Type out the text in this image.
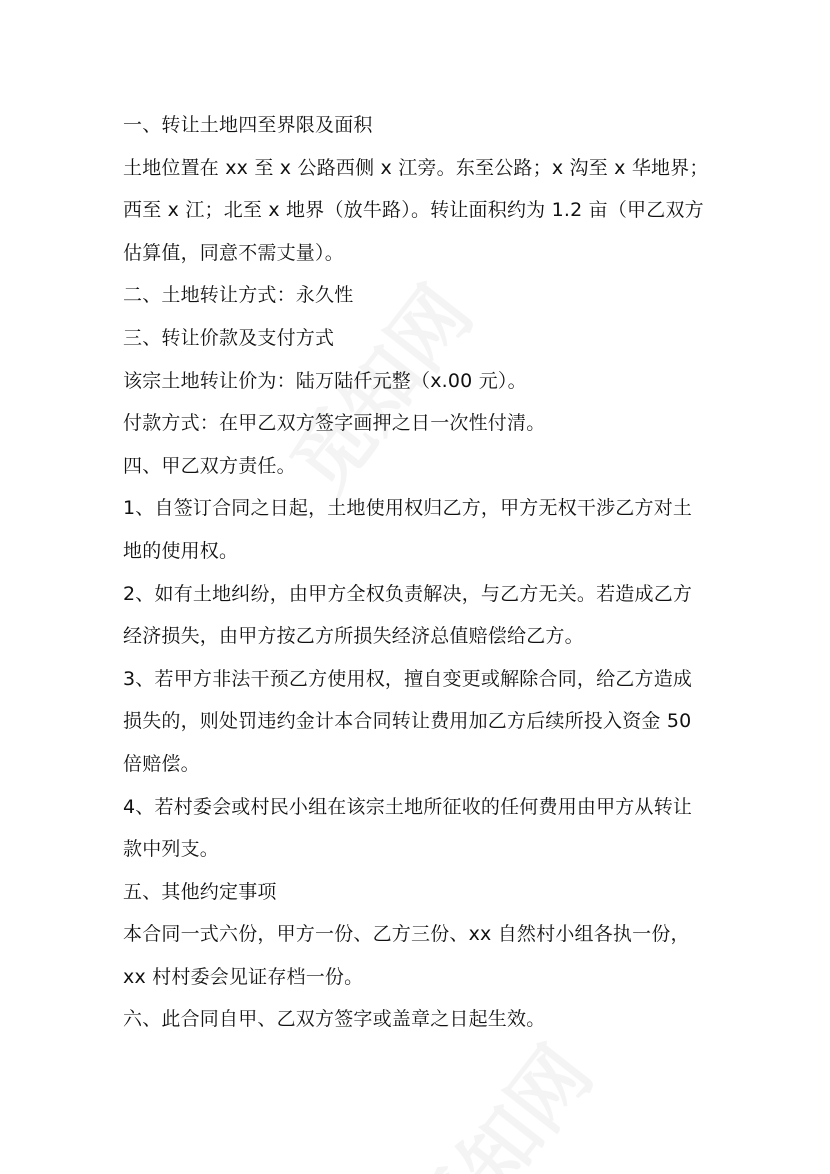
一、转让土地四至界限及面积
土地位置在 xx 至 x 公路西侧 x 江旁。东至公路；x 沟至 x 华地界；
西至 x 江；北至 x 地界（放牛路）。转让面积约为 1.2 亩（甲乙双方
估算值，同意不需丈量）。
二、土地转让方式：永久性
三、转让价款及支付方式
该宗土地转让价为：陆万陆仟元整（x.00 元）。
付款方式：在甲乙双方签字画押之日一次性付清。
四、甲乙双方责任。
1、自签订合同之日起，土地使用权归乙方，甲方无权干涉乙方对土
地的使用权。
2、如有土地纠纷，由甲方全权负责解决，与乙方无关。若造成乙方
经济损失，由甲方按乙方所损失经济总值赔偿给乙方。
3、若甲方非法干预乙方使用权，擅自变更或解除合同，给乙方造成
损失的，则处罚违约金计本合同转让费用加乙方后续所投入资金 50
倍赔偿。
4、若村委会或村民小组在该宗土地所征收的任何费用由甲方从转让
款中列支。
五、其他约定事项
本合同一式六份，甲方一份、乙方三份、xx 自然村小组各执一份，
xx 村村委会见证存档一份。
六、此合同自甲、乙双方签字或盖章之日起生效。
